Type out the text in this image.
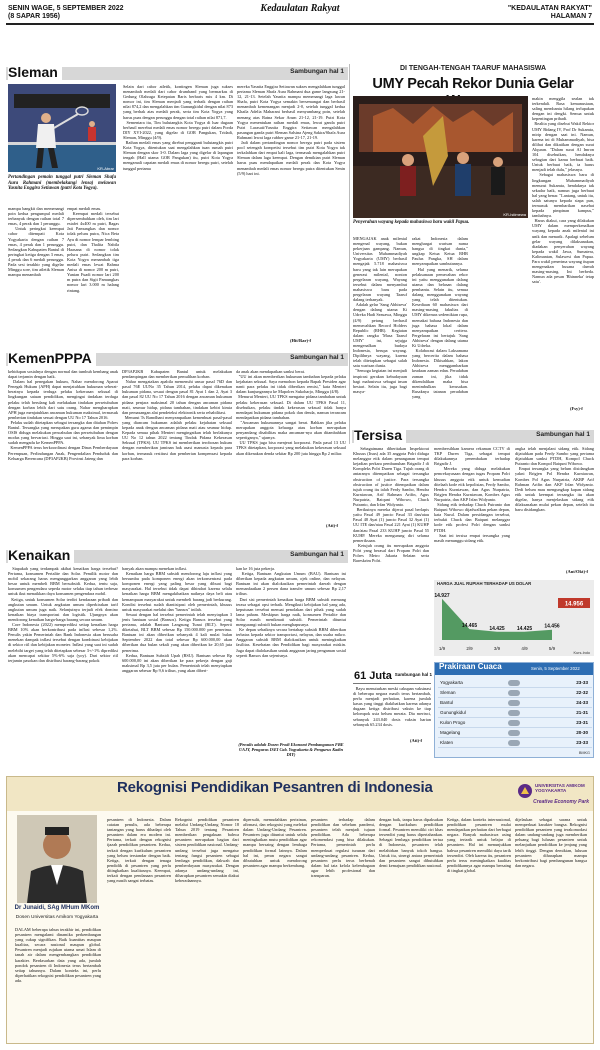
SENIN WAGE, 5 SEPTEMBER 2022
(8 SAPAR 1956)
Kedaulatan Rakyat	"KEDAULATAN RAKYAT"
HALAMAN 7
Sambungan hal 1
Sleman
KR-Abrar
Pertandingan pemain tunggal putri Sleman Shafa Aura Rahmani (membelakangi lensa) melawan Yasnita Enggira Setiawan (putri Kota Yogya).
mampu bangkit dan memenangi poin kedua pengumpul medali terbanyak dengan raihan total 7 emas, 4 perak dan 1 perunggu.
Untuk peringkat keempat cabor ditempati Kota Yogyakarta dengan raihan 7 emas, 4 perak dan 1 perunggu. Sedangkan Kabupaten Bantul di peringkat ketiga dengan 3 emas, 4 perak dan 6 medali perunggu. Pada sesi terakhir yang digelar Minggu sore, tim atletik Sleman mampu menambah
empat medali emas.
Keempat medali tersebut dipersembahkan oleh, tim lari estafet 4x400 m putri, Bagas Jati Pamungkas dan nomor tolak peluru putra, Nica Beta Ayu di nomor lempar lembing putri, dan Thalita Nabila Haasana di nomor tolak peluru putri. Sedangkan tim Kota Yogya menambah tiga medali emas lewat Rahma Anisa di nomor 200 m putri, Yunian Fuadi nomor lari 200 m putra dan Sigit Pamungkas nomor lari 3.000 m halang rintang.
Selain dari cabor atletik, kontingen Sleman juga sukses menambah medali dari cabor drumband yang bermarkas di Gedung Olahraga Ketepatan Baris berbaris mix 4 km. Di nomor ini, tim Sleman menjadi yang terbaik dengan raihan nilai 874,2 dan mengalahkan tim Gunungkidul dengan nilai 873 yang berhak atas medali perak, serta tim Kota Yogya yang harus puas dengan perunggu dengan total raihan nilai 871,7.
Sementara itu, Tim bulutangkis Kota Yogya di luar dugaan berhasil merebut medali emas nomor beregu putri dalam Porda DIY XVI-2022, yang digelar di GOR Pangukan, Tridadi, Sleman, Minggu (4/9).
Raihan medali emas yang direbut pengganti bulutangkis putri Kota Yogya, ditentukan saat mengalahkan tuan rumah putri Sleman dengan skor 3-0. Dalam laga yang digelar di lapangan tengah (Hall utama GOR Pangukan) itu, putri Kota Yogya mengamali capaian medali emas di nomor beregu putri, setelah tunggal pertama
mereka Yasnita Enggira Setiawan sukses mengalahkan tunggal pertama Sleman Shafa Aura Rahmani dua game langsung 21-12, 21-13. Setelah Yasnita mampu memenangi laga lawan Shafa, putri Kota Yogya semakin bersemangat dan berhasil menambah kemenangan menjadi 2-0, setelah tunggal kedua Khaila Adelia Maharani berhasil menyumbang poin, setelah menang atas Ratna Sekar Arum 21-12, 21-19. Putri Kota Yogya menentukan raihan medali emas, lewat ganda putri Putri Larasati/Yasnita Enggira Setiawan mengalahkan pasangan ganda putri Sleman Salsina Ajeng Sakira/Shafa Aura Rahmani lewat laga rubber game 21-17, 21-19.
Jadi dalam pertandingan nomor beregu putri pada sistem pool setengah kompetisi tersebut tim putri Kota Yogya tak terkalahkan dari empat kali laga, termasuk mengalahkan putri Sleman dalam laga keempat. Dengan demikian putri Sleman harus puas mendapatkan medali perak dan Kota Yogya menambah medali emas nomor beregu putra ditentukan Senin (5/9) hari ini.
(Hit/Rar)-f
DI TENGAH-TENGAH TAARUF MAHASISWA
UMY Pecah Rekor Dunia Gelar
KR-Istimewa
Penyerahan wayang kepada mahasiswa baru wakil Papua.
MENGAJAK anak milenial mengenal wayang, bukan pekerjaan gampang. Namun, Universitas Muhammadiyah Yogyakarta (UMY) berhasil mengajak 5.718 mahasiswa baru yang tak lain merupakan generasi milenial, nonton pergelaran wayang. Wayang tersebut dalam menyambut mahasiswa baru pada pergelaran wayang Taaruf dalang terbanyak.
Adalah gelar 'Sang Abhiseva' dengan dalang utama Ki Udreka Hadi Seasawa, Minggu (4/9) petang berhasil memecahkan Record Holders Republic (RHR). Kegiatan dalam rangka 'Masa Taaruf UMY' ini, sejujga mengenalkan budaya Indonesia, berupa wayang. Dipilihnya wayang, karena telah ditetapkan sebagai salah satu warisan dunia.
"Semoga kegiatan ini menjadi inspirasi gerakan kebudayaan bagi mahasiswa sebagai insan bestari. Selain itu, juga bagi masya-
rakat Indonesia dalam menghargai warisan nama bangsa di tingkat dunia," ungkap Ketua Ketua RHR Paulus Pangka, SH dalam menyampaikan sambutannya.
Hal yang menarik, selama pelaksanaan pemecahan rekor ini yaitu menggunakan dalang utama dan belasan dalang pembantu. Selain itu, semua dalang menggunakan wayang yang telah ditentukan. Kesediaan 60 mahasiswa dari masing-masing fakultas di UMY dikemas sedemikian rupa, memakai bahasa Indonesia dan juga bahasa lokal dalam menyampaikan ceritera. Pergelaran ini bertajuk 'Sang Abhiseva' dengan dalang utama Ki Udreka.
Kolaborasi dalam Laksamana yang bercerita dalam bahasa Indonesia. Dikisahkan, lakon Abhiseva menggambarkan keadaan zaman edan. Peradaban zaman ini, jika tidak dikendalikan maka bisa menimbulkan kerusakan. Rusaknya tatanan peradaban yang
makin menggila sealan tak terkendali. Rasa kemanusiaan, saling membantu hilang terlupakan dengan ini dengki. Semua untuk kepentingan pribadi.
Realita yang disebut Wakil Rektor UMY Bidang IV, Prof Dr Sukamta, mirip dengan saat ini. Namun, karena ini di Muhammadiyah, bisa dilihat dan dikatikan dengan surat Alquran. "Dalam surat Al Imron 104 disebutkan, hendaknya sebagian dari kamu berbuat baik. Untuk berbuat baik, ia harus menjadi telah dulu," jelasnya.
Sebagai mahasiswa baru di lingkungan Muhammadiyah menurut Sukamta, hendaknya tak sekadar baik, namun juga berbuat hal yang benar. "Lantang, untuk itu, salah satunya kepada siapa pun, termasuk membarikan nasehat kepada pimpinan kampus," tambahnya.
Harus diakui, cara yang dilakukan UMY dalam memperkenalkan wayang kepada anak milenial ini unik dan menarik. Apalagi sebelum gelar wayang dilaksanakan, diadakan penyerahan wayang kepada wakil Jawa, Sumatera, Kalimantan, Sulawesi dan Papua. Para wakil penerima wayang itupun mengenakan busana daerah masing-masing. Ini berbeda. Namun ada pesan 'Bhinneka' tetap satu'.
(Fsy)-f
Sambungan hal 1
KemenPPPA
kehidupan sosialnya dengan normal dan tumbuh kembang anak dapat terjamin dengan baik.
Dalam hal penegakan hukum, Nahar mendorong Aparat Penegak Hukum (APH) dapat menjatuhkan hukuman seberat-beratnya kepada terduga pelaku kekerasan seksual di lingkungan satuan pendidikan, mengingat tindakan terduga pelaku telah berulang kali melakukan tindakan persetubuhan dengan korban lebih dari satu orang. Nahar mengharapkan APH juga menjatuhkan ancaman hukuman maksimal, termasuk pemberian tindakan sesuai dengan UU No 17 Tahun 2016.
Pelaku sudah ditetapkan sebagai tersangka dan ditahan Polres Bantul. Tersangka yang merupakan guru agama dan pemimpin OSIS diduga melakukan pencabulan dan persetubuhan dengan modus yang bervariasi. Hingga saat ini, sebanyak lima korban sudah mengadu ke KemenPPPA.
KemenPPPA terus berkoordinasi dengan Dinas Pemberdayaan Perempuan, Perlindungan Anak, Pengendalian Penduduk dan Keluarga Berencana (DP3AP2KB) Provinsi Jateng dan
DP3AP2KB Kabupaten Bantul untuk melakukan pendampingan dan memberikan pemulihan korban.
Nahar mengatakan apabila memenuhi unsur pasal 76D dan pasal 76E UUNo 35 Tahun 2014, pelaku dapat dikenakan hukuman pidana, sesuai dengan pasal 81 Ayat 1 dan 2, Ayat 3 dan pasal 82 UU No 17 Tahun 2016 dengan ancaman hukuman pidana penjara maksimal 20 tahun dengan ancaman pidana mati, seumur hidup, pidana tambahan, tindakan kebiri kimia dan pemasangan alat pendeteksi elektronik serta rehabilitasi.
Menurut Ts Ramdhani menyampaikan kemenbuat pasal-pasal yang diancam hukuman adalah pelaku kejahatan seksual kepada anak dengan ancaman pidana mati atau seumur hidup. Kepada semua pihak Menteri mengingatkan telah berlakunya UU No 12 tahun 2022 tentang Tindak Pidana Kekerasan Seksual (TPKS). UU TPKS ini memberikan terobosan hukum dengan memberikan jaminan hak asasi manusia kepada para korban, termasuk restitusi dan pemberian kompensasi kepada para korban.
da anak akan mendapatkan sanksi berat.
"UU ini akan memberikan hukuman tambahan kepada pelaku kejahatan seksual. Saya memohon kepada Bapak Presiden agar nanti para pelaku ini tidak diberikan remisi," kata Menteri dalam kunjungannya ke Mapolres Sukoharjo, Minggu (4/8).
Menurut Menteri, UU TPKS mengatur pidana tambahan untuk pelaku kekerasan seksual. Di dalam UU TPKS Pasal 11, disebutkan, pelaku tindak kekerasan seksual tidak hanya mendapat hukuman pidana pokok dan denda, namun terancam mendapatkan pidana tambahan.
"Ancaman hukumannya sangat berat. Bahkan jika pelaku merupakan anggota keluarga atau korban merupakan penyandang disabilitas maka ancaman-nya akan ditambahkan sepertiganya," ujarnya.
UU TPKS juga bisa menjerat korporasi. Pada pasal 13 UU TPKS ditetapkan, korporasi yang melakukan kekerasan seksual akan dikenakan denda sekitar Rp 200 juta hingga Rp 2 miliar.
(Ati)-f
Sambungan hal 1
Kenaikan
Siapakah yang terdampak akibat kenaikan harga tersebut? Pertama, konsumen Pertalite dan Solar. Pemilik motor dan mobil sekarang harus menganggarkan anggaran yang lebih besar untuk membeli BBM bersubsidi. Kedua, tentu saja, konsumen pengendara sepeda motor selaku tiap tahun terbesar untuk ikut menaikkan daya konsumen pengendara mobil.
Ketiga, untuk konsumen Solar terdiri kendaraan pribadi dan angkutan umum. Untuk angkutan umum diperkirakan tarif angkutan umum juga naik. Selanjutnya terjadi efek domino kenaikan biaya transportasi dan logistik. Ujungnya akan mendorong kenaikan harga-harga barang secara umum.
Core Indonesia (2022) memprediksi setiap kenaikan harga BBM 10% akan berkontribusi pada inflasi sebesar 1,2%. Penulis yakin Pemerintah dan Bank Indonesia akan berusaha menekan dampak inflasi tersebut dengan kombinasi kebijakan di sektor riil dan kebijakan moneter. Inflasi yang saat ini sudah melebihi target yang telah ditetapkan sebesar 3+/-1% diprediksi akan mencapai sekitar 5%-6% saja (yoy). Dari sektor riil terjamin pasokan dan distribusi barang-barang pokok
banyak akan mampu menekan inflasi.
Kenaikan harga BBM subsidi mendorong laju inflasi yang bersumbu pada komponen energi akan terkonsentrasi pada komponen energi yang paling besar yang dibuat bagi masyarakat. Hal tersebut tidak dapat dihindari karena selalu kenaikan harga BBM mengakibatkan naiknya daya beli atau kemampuan masyarakat untuk membeli barang jadi berkurang. Kondisi tersebut sudah diantisipasi oleh pemerintah, khusus untuk masyarakat melalui dan "bansos" inilah.
Sesuai dengan hal tersebut pemerintah telah menyiapkan 3 jenis bantuan sosial (Bansos). Ketiga Bansos tersebut yang pertama, adalah Bantuan Langsung Tunai (BLT). Seperti diketahui, BLT BBM sebesar Rp 150.000.000 per penerima. Bantuan ini akan diberikan sebanyak 4 kali mulai bulan September 2022 dan total sebesar Rp 600.000,00 akan diberikan dua bulan sekali yang akan diberikan ke 20,65 juta penerima.
Kedua, Bantuan Subsidi Upah (BSU). Bantuan sebesar Rp 600.000,00 ini akan diberikan ke para pekerja dengan gaji maksimal Rp 3,5 juta per bulan. Pemerintah telah menyiapkan anggaran sebesar Rp 9,6 triliun, yang akan diberi-
kan ke 16 juta pekerja.
Ketiga, Bantuan Angkutan Umum (BAU). Bantuan ini diberikan kepada angkutan umum, ojek online, dan nelayan. Bantuan ini akan dialokasikan pemerintah daerah dengan memanfaatkan 2 persen dana transfer umum sebesar Rp 2,17 triliun.
Dari sisi pemerintah kenaikan harga BBM subsidi memang terasa sebagai opsi terbaik. Mengikuti kebijakan hal yang ada, keputusan tersebut menuai penolakan dari pihak yang sudah lama paham. Meskipun harga naik, konsumen Pertalite dan Solar masih menikmati subsidi. Pemerintah dituntut mengurangi subsidi bukan menghapusnya.
Ke depan sebaiknya secara bertahap subsidi BBM diberikan terbatas kepada sektor transportasi, nelayan, dan usaha mikro. Anggaran subsidi BBM dialokasikan untuk meningkatkan fasilitas. Kesehatan dan Pendidikan bagi masyarakat miskin. Juga dapat dialokasikan untuk anggaran jaring pengaman sosial seperti Bansos dan sejenisnya.
(Penulis adalah Dosen Prodi Ekonomi Pembangunan FBE UAJY, Pengurus ISEI Cab. Yogyakarta & Pengurus Kadin DIY)
Sambungan hal 1
Tersisa
Sebagaimana diberitakan Inspektorat Khusus (Itsus) ada 35 anggota Polri diduga melanggar etik dalam penanganan tempat kejadian perkara pembunuhan Brigadir J di Kompleks Polri Duren Tiga. Tujuh orang di antaranya ditempatkan sebagai tersangka obstruction of justice. Para tersangka obstruction of justice ditempatkan dalam tujuh orang itu ialah Ferdy Sambo, Hendra Kurniawan, Arif Rahman Arifin, Agus Nurpatria, Baiquni Wibowo, Chuck Putranto, dan Irfan Widyanto.
Berikutnya mereka dijerat pasal berlapis yaitu Pasal 49 juncto Pasal 33 dan/atau Pasal 48 Ayat (1) juncto Pasal 32 Ayat (1) UU ITE dan/atau Pasal 221 Ayat (1) KUHP dan/atau Pasal 233 KUHP juncto Pasal 55 KUHP. Mereka mengurung diri selama pemeriksaan.
Ketujuh orang itu merupakan anggota Polri yang berasal dari Propam Polri dan Polres Metro Jakarta Selatan serta Bareskrim Polri.
membersihkan kamera rekaman CCTV di TKP Duren Tiga, sebagai tempat dilakukannya penembakan terhadap Brigadir J.
Mereka yang diduga melakukan pemrekayasaan dengan tugas Propam Polri khusus anggota etik untuk kemudian ditelaah kode etik kepolisian, Ferdy Sambo, Hendra Kurniawan, dan Agus Nurpatria, Brigjen Hendra Kurniawan, Kombes Agus Nurpatria, dan AKP Irfan Widyanto.
Sidang etik terhadap Chuck Putranto dan Baiquni Wibowo dijadwalkan pekan depan, kata Nurul. Dalam persidangan tersebut, terbukti Chuck dan Baiquni melanggar kode etik profesi Polri dengan sanksi PTDH.
Saat ini tersisa empat tersangka yang masih menunggu sidang etik.
angka telah menjalani sidang etik. Sidang dijatuhkan pada Ferdy Sambo yang pertama dijatuhkan sanksi PTDH, Kompol Chuck Putranto dan Kompol Baiquni Wibowo.
Empat tersangka yang belum disidangkan yakni Brigjen Pol Hendra Kurniawan, Kombes Pol Agus Nurpatria, AKBP Arif Rahman Arifin dan AKP Irfan Widyanto. Dedi belum mau mengungkap kapan sidang etik untuk keempat tersangka itu akan digelar, hanya menjelaskan sidang etik dilaksanakan mulai pekan depan, setelah itu baru disidangkan.
(Ant/Okt)-f
HARGA JUAL RUPIAH TERHADAP US DOLAR
14.927
1/9
14.465
2/9
14.425
3/9
14.425
4/9
14.456
5/9
14.956
Kurs-Indo
61 Juta Sambungan hal 1
Bayu menuturkan meski cakupan vaksinasi di beberapa negara masih terus bertambah, perlu menjadi perhatian, karena jumlah kasus yang tinggi diakibatkan karena adanya dugaan ketiga distribusi vaksin ke tiap kelompok usia belum merata. Dia merinci, sebanyak 243.040 dosis vaksin harian sebanyak 65.234 dosis.
(Ati)-f
Prakiraan Cuaca	Senin, 5 September 2022
Yogyakarta	23-33
Sleman	22-32
Bantul	24-33
Gunungkidul	21-31
Kulon Progo	23-31
Magelang	20-30
Klaten	23-33
BMKG
Rekognisi Pendidikan Pesantren di Indonesia	UNIVERSITAS AMIKOM YOGYAKARTA
Creative Economy Park
Dr Junaidi, SAg MHum MKom
Dosen Universitas Amikom Yogyakarta
DALAM beberapa tahun terakhir ini, pendidikan pesantren mengalami dinamika perkembangan yang cukup signifikan. Baik kuantitas maupun kualitas, secara nasional maupun global. Pesantren menjadi rujukan utama umat Islam di tanah air dalam mengembangkan pendidikan karakter. Berdasarkan data yang ada, jumlah pondok pesantren di Indonesia terus bertambah setiap tahunnya. Dalam konteks ini, perlu diperhatikan rekognisi pendidikan pesantren yang ada.
pesantren di Indonesia. Dalam catatan penulis, ada beberapa tantangan yang harus dihadapi oleh pesantren dalam era modern ini. Pertama, terkait dengan rekognisi ijazah pendidikan pesantren. Kedua, terkait dengan kurikulum pesantren yang belum terstandar dengan baik. Ketiga, terkait dengan tenaga pendidik di pesantren yang perlu ditingkatkan kualitasnya. Keempat, terkait dengan pendanaan pesantren yang masih sangat terbatas.
Rekognisi pendidikan pesantren melalui Undang-Undang Nomor 18 Tahun 2019 tentang Pesantren memberikan pengakuan bahwa pesantren merupakan bagian dari sistem pendidikan nasional. Undang-undang tersebut juga mengatur tentang fungsi pesantren sebagai lembaga pendidikan, dakwah dan pemberdayaan masyarakat. Dengan adanya undang-undang ini, diharapkan pesantren semakin diakui keberadaannya.
dipersulit, memudahkan perizinan, afirmasi, dan rekognisi yang melekat dalam Undang-Undang Pesantren. Pesantren juga dituntut untuk selalu meningkatkan mutu pendidikan agar mampu bersaing dengan lembaga pendidikan formal lainnya. Dalam hal ini, peran negara sangat dibutuhkan untuk mendorong pesantren agar mampu berkembang.
pesantren terhadap dalam pendidikan dan sebelum pandemi, pesantren telah menjadi tujuan pendidikan. Ada beberapa rekomendasi yang bisa dilakukan. Pertama, pemerintah perlu memperkuat regulasi turunan dari undang-undang pesantren. Kedua, pesantren perlu terus berbenah dalam hal tata kelola kelembagaan agar lebih profesional dan transparan.
dengan baik, tanpa harus dipaksakan dengan kurikulum pendidikan formal. Pesantren memiliki ciri khas tersendiri yang harus dipertahankan. Sebagai lembaga pendidikan tertua di Indonesia, pesantren telah melahirkan banyak tokoh bangsa. Untuk itu, sinergi antara pemerintah dan pesantren sangat dibutuhkan demi kemajuan pendidikan nasional.
Ketiga, dalam konteks internasional, pendidikan pesantren mulai mendapatkan perhatian dari berbagai negara. Banyak mahasiswa asing yang tertarik untuk belajar di pesantren. Hal ini menunjukkan bahwa pesantren memiliki daya tarik tersendiri. Oleh karena itu, pesantren perlu terus meningkatkan kualitas pendidikannya agar mampu bersaing di tingkat global.
dijelaskan sebagai sarana untuk memperkuat karakter bangsa. Rekognisi pendidikan pesantren yang terakomodasi dalam undang-undang juga memberikan peluang bagi lulusan pesantren untuk melanjutkan pendidikan ke jenjang yang lebih tinggi. Dengan demikian, lulusan pesantren diharapkan mampu berkontribusi bagi pembangunan bangsa dan negara.
